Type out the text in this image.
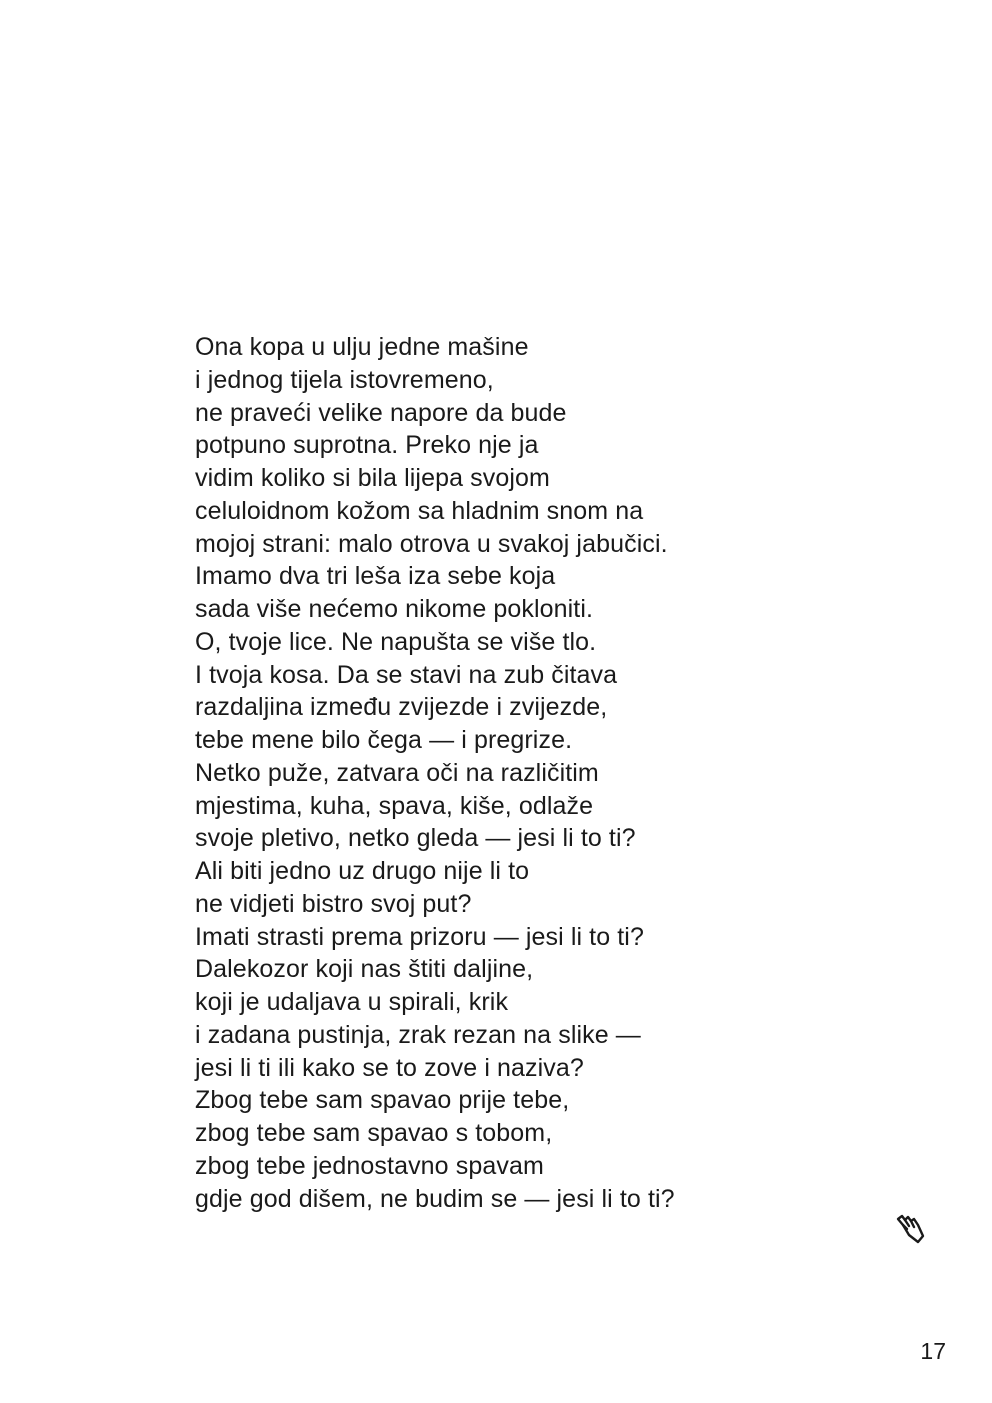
Ona kopa u ulju jedne mašine
i jednog tijela istovremeno,
ne praveći velike napore da bude
potpuno suprotna. Preko nje ja
vidim koliko si bila lijepa svojom
celuloidnom kožom sa hladnim snom na
mojoj strani: malo otrova u svakoj jabučici.
Imamo dva tri leša iza sebe koja
sada više nećemo nikome pokloniti.
O, tvoje lice. Ne napušta se više tlo.
I tvoja kosa. Da se stavi na zub čitava
razdaljina između zvijezde i zvijezde,
tebe mene bilo čega — i pregrize.
Netko puže, zatvara oči na različitim
mjestima, kuha, spava, kiše, odlaže
svoje pletivo, netko gleda — jesi li to ti?
Ali biti jedno uz drugo nije li to
ne vidjeti bistro svoj put?
Imati strasti prema prizoru — jesi li to ti?
Dalekozor koji nas štiti daljine,
koji je udaljava u spirali, krik
i zadana pustinja, zrak rezan na slike —
jesi li ti ili kako se to zove i naziva?
Zbog tebe sam spavao prije tebe,
zbog tebe sam spavao s tobom,
zbog tebe jednostavno spavam
gdje god dišem, ne budim se — jesi li to ti?
17
